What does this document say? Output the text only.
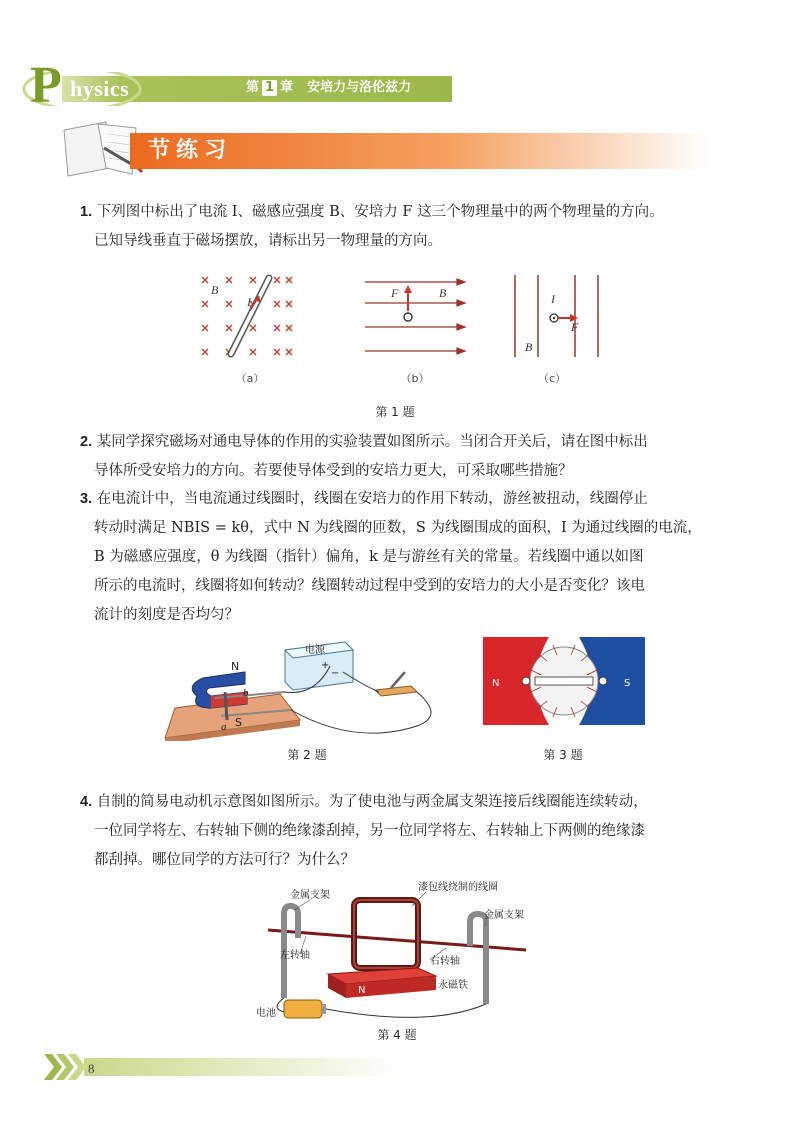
P hysics	第 1 章 安培力与洛伦兹力
节练习
1. 下列图中标出了电流 I、磁感应强度 B、安培力 F 这三个物理量中的两个物理量的方向。
已知导线垂直于磁场摆放，请标出另一物理量的方向。
B
I
（a）
F	B
（b）
I
F
B
（c）
第 1 题
2. 某同学探究磁场对通电导体的作用的实验装置如图所示。当闭合开关后，请在图中标出
导体所受安培力的方向。若要使导体受到的安培力更大，可采取哪些措施？
3. 在电流计中，当电流通过线圈时，线圈在安培力的作用下转动，游丝被扭动，线圈停止
转动时满足 NBIS = kθ，式中 N 为线圈的匝数，S 为线圈围成的面积，I 为通过线圈的电流，
B 为磁感应强度，θ 为线圈（指针）偏角，k 是与游丝有关的常量。若线圈中通以如图
所示的电流时，线圈将如何转动？线圈转动过程中受到的安培力的大小是否变化？该电
流计的刻度是否均匀？
N
S
b
a
电源
+
−
第 2 题
N	S
第 3 题
4. 自制的简易电动机示意图如图所示。为了使电池与两金属支架连接后线圈能连续转动，
一位同学将左、右转轴下侧的绝缘漆刮掉，另一位同学将左、右转轴上下两侧的绝缘漆
都刮掉。哪位同学的方法可行？为什么？
N
金属支架
漆包线绕制的线圈
金属支架
左转轴
右转轴
永磁铁
电池
第 4 题
8
